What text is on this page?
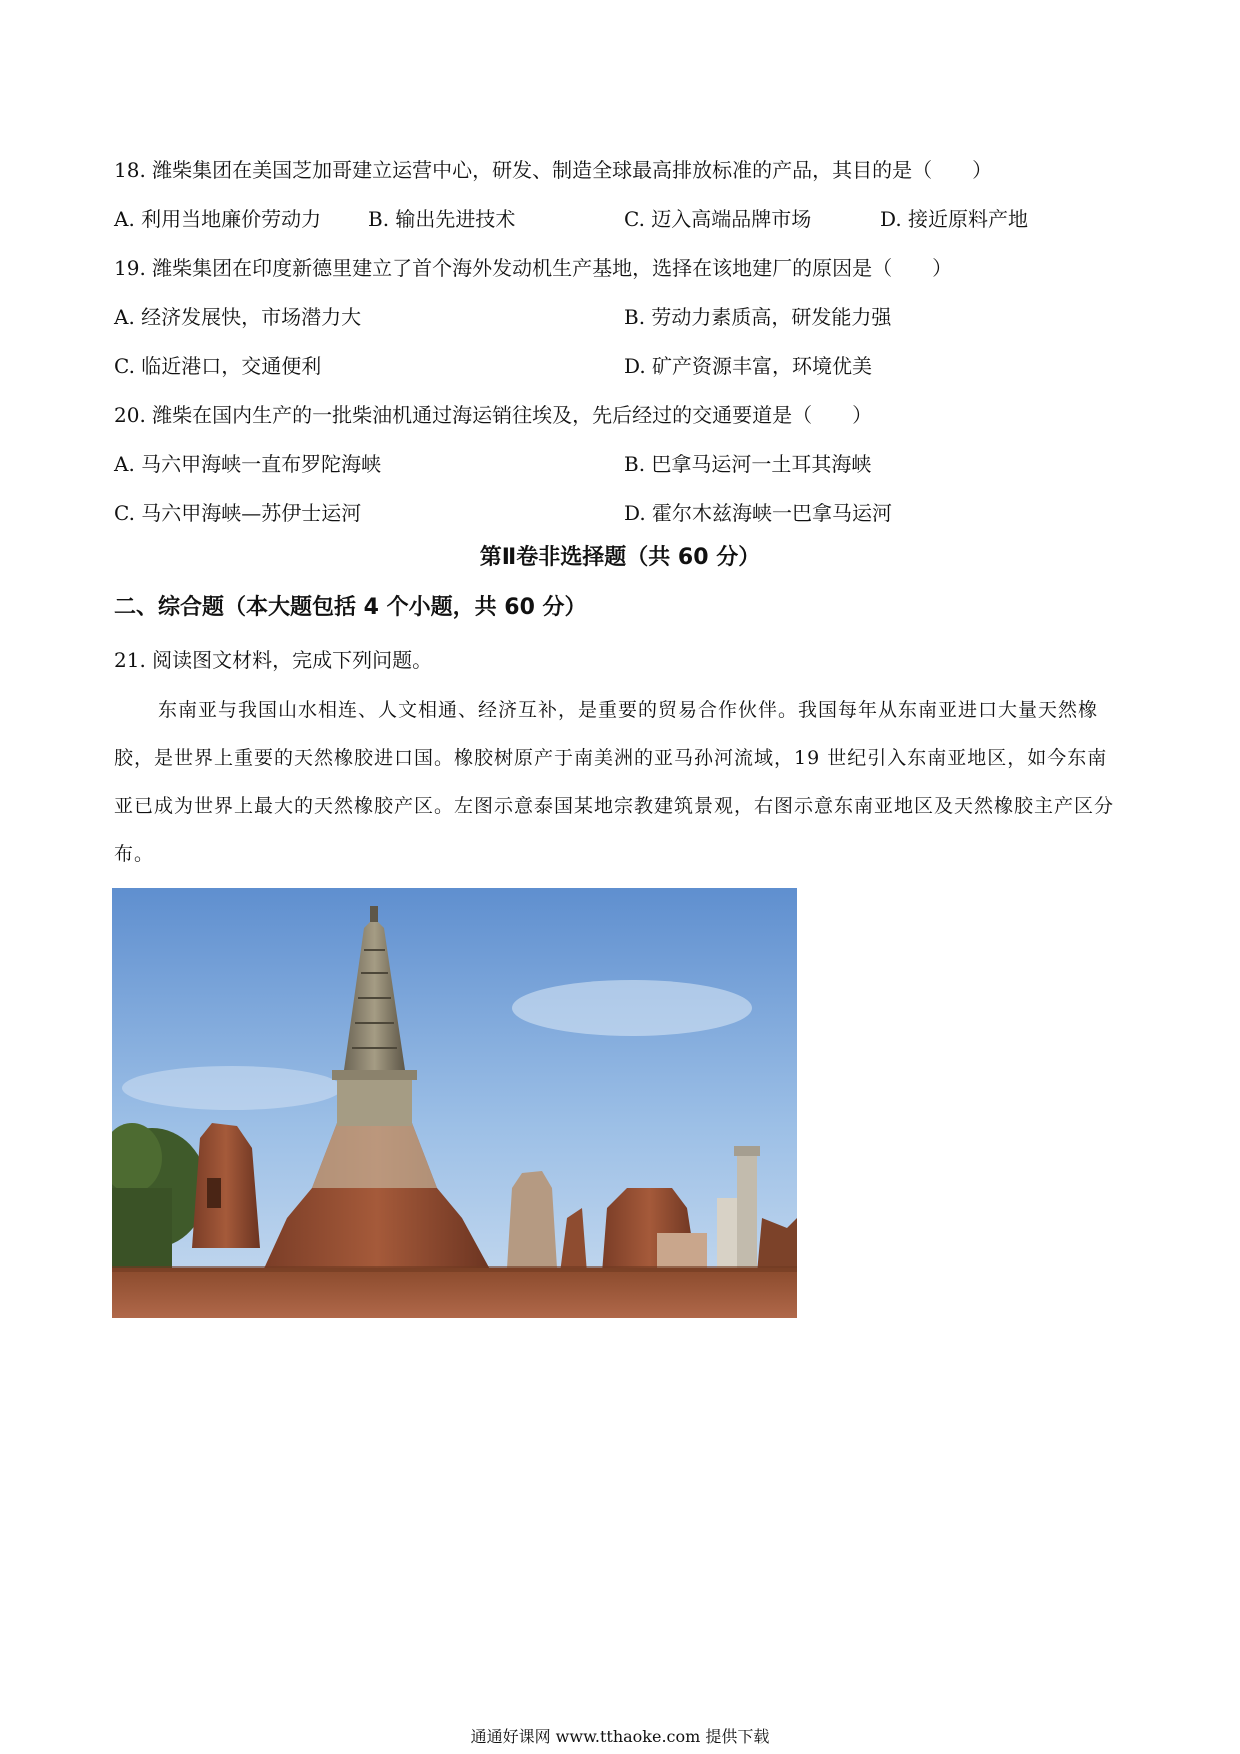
18. 潍柴集团在美国芝加哥建立运营中心，研发、制造全球最高排放标准的产品，其目的是（　　）
A. 利用当地廉价劳动力 B. 输出先进技术	C. 迈入高端品牌市场	D. 接近原料产地
19. 潍柴集团在印度新德里建立了首个海外发动机生产基地，选择在该地建厂的原因是（　　）
A. 经济发展快，市场潜力大	B. 劳动力素质高，研发能力强
C. 临近港口，交通便利	D. 矿产资源丰富，环境优美
20. 潍柴在国内生产的一批柴油机通过海运销往埃及，先后经过的交通要道是（　　）
A. 马六甲海峡一直布罗陀海峡	B. 巴拿马运河一土耳其海峡
C. 马六甲海峡—苏伊士运河	D. 霍尔木兹海峡一巴拿马运河
第Ⅱ卷非选择题（共 60 分）
二、综合题（本大题包括 4 个小题，共 60 分）
21. 阅读图文材料，完成下列问题。
东南亚与我国山水相连、人文相通、经济互补，是重要的贸易合作伙伴。我国每年从东南亚进口大量天然橡胶，是世界上重要的天然橡胶进口国。橡胶树原产于南美洲的亚马孙河流域，19 世纪引入东南亚地区，如今东南亚已成为世界上最大的天然橡胶产区。左图示意泰国某地宗教建筑景观，右图示意东南亚地区及天然橡胶主产区分布。
通通好课网 www.tthaoke.com 提供下载
